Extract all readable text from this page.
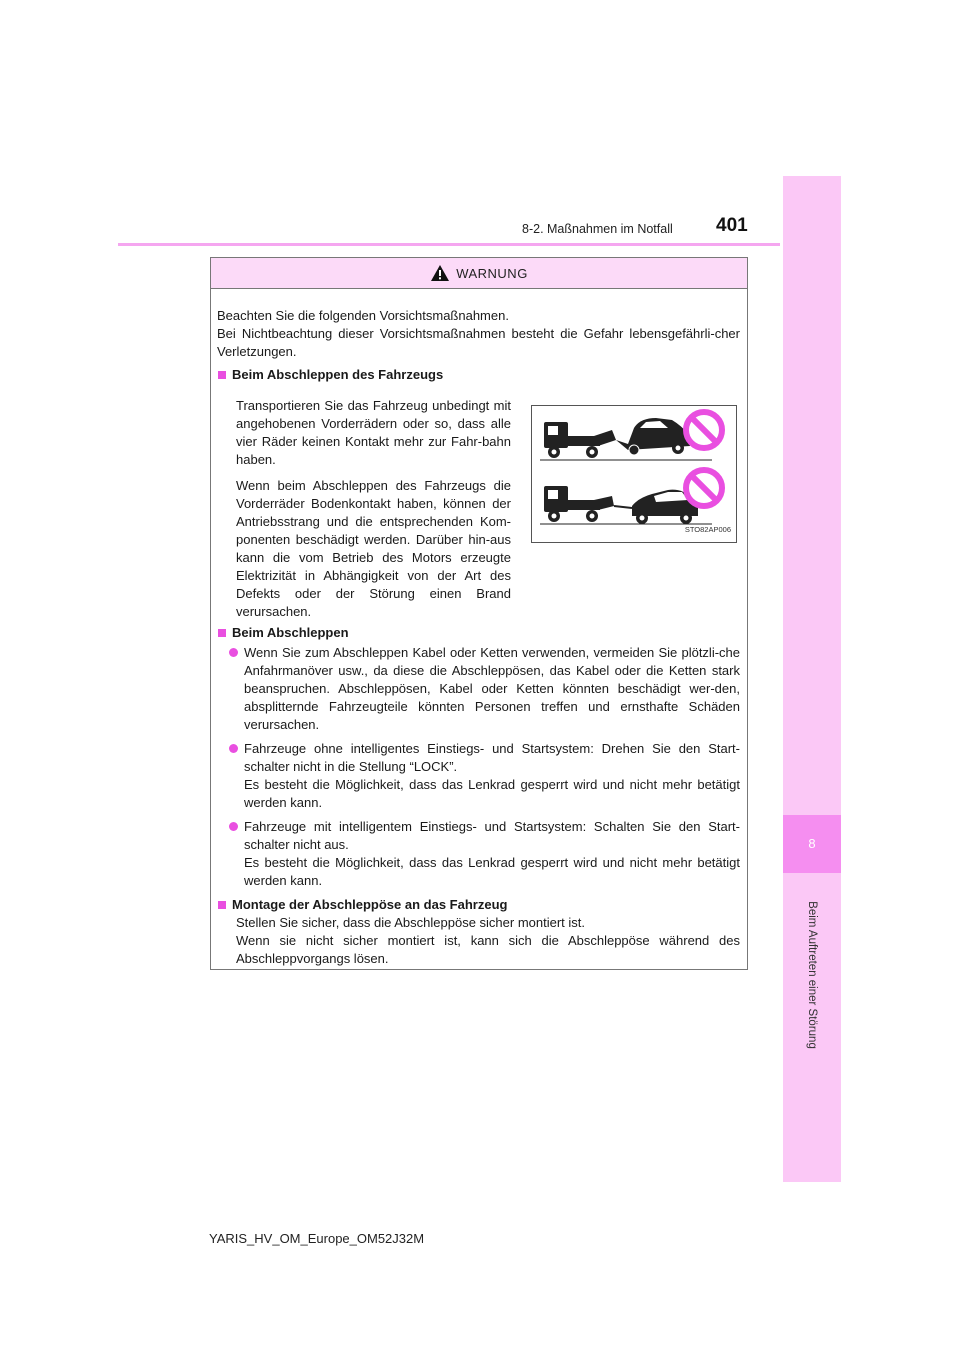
8-2. Maßnahmen im Notfall 401
8
Beim Auftreten einer Störung
WARNUNG
Beachten Sie die folgenden Vorsichtsmaßnahmen.
Bei Nichtbeachtung dieser Vorsichtsmaßnahmen besteht die Gefahr lebensgefährli-cher Verletzungen.
Beim Abschleppen des Fahrzeugs

Transportieren Sie das Fahrzeug unbedingt mit angehobenen Vorderrädern oder so, dass alle vier Räder keinen Kontakt mehr zur Fahr-bahn haben.

Wenn beim Abschleppen des Fahrzeugs die Vorderräder Bodenkontakt haben, können der Antriebsstrang und die entsprechenden Kom-ponenten beschädigt werden. Darüber hin-aus kann die vom Betrieb des Motors erzeugte Elektrizität in Abhängigkeit von der Art des Defekts oder der Störung einen Brand verursachen.

STO82AP006
Beim Abschleppen
Wenn Sie zum Abschleppen Kabel oder Ketten verwenden, vermeiden Sie plötzli-che Anfahrmanöver usw., da diese die Abschleppösen, das Kabel oder die Ketten stark beanspruchen. Abschleppösen, Kabel oder Ketten könnten beschädigt wer-den, absplitternde Fahrzeugteile könnten Personen treffen und ernsthafte Schäden verursachen.
Fahrzeuge ohne intelligentes Einstiegs- und Startsystem: Drehen Sie den Start-schalter nicht in die Stellung “LOCK”.
Es besteht die Möglichkeit, dass das Lenkrad gesperrt wird und nicht mehr betätigt werden kann.
Fahrzeuge mit intelligentem Einstiegs- und Startsystem: Schalten Sie den Start-schalter nicht aus.
Es besteht die Möglichkeit, dass das Lenkrad gesperrt wird und nicht mehr betätigt werden kann.
Montage der Abschleppöse an das Fahrzeug
Stellen Sie sicher, dass die Abschleppöse sicher montiert ist.
Wenn sie nicht sicher montiert ist, kann sich die Abschleppöse während des Abschleppvorgangs lösen.
YARIS_HV_OM_Europe_OM52J32M
